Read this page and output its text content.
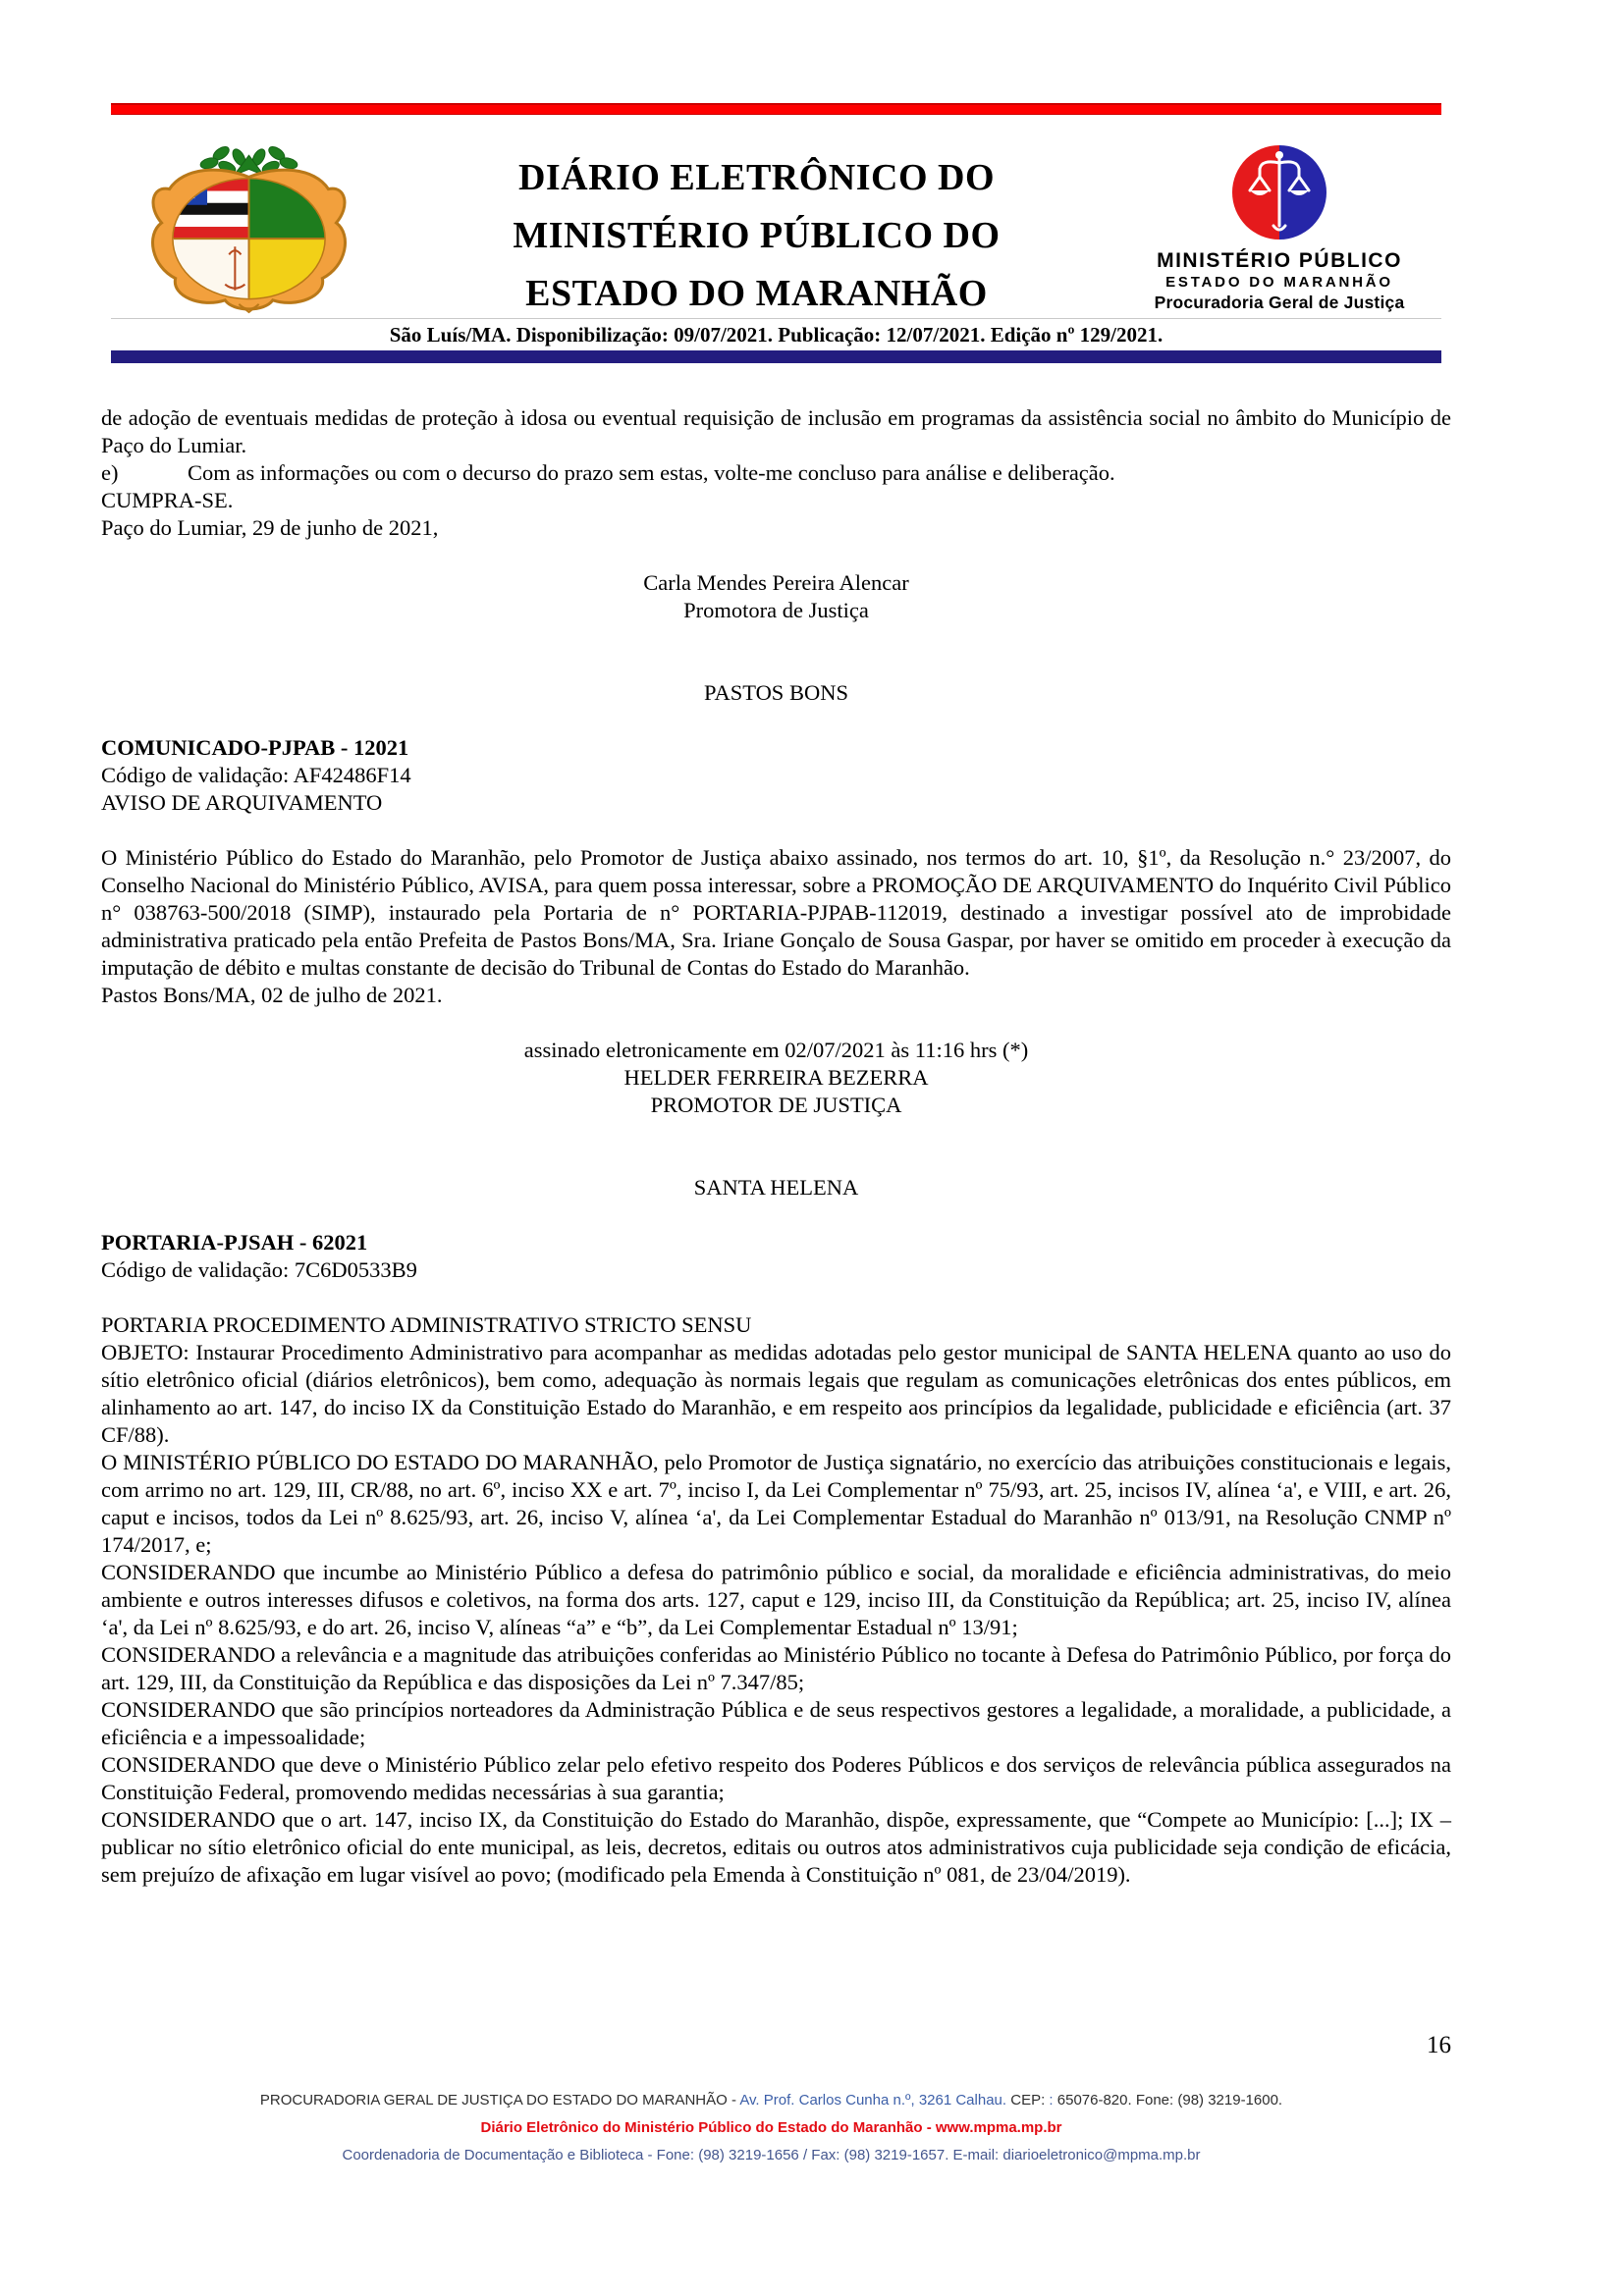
DIÁRIO ELETRÔNICO DO
MINISTÉRIO PÚBLICO DO
ESTADO DO MARANHÃO
MINISTÉRIO PÚBLICO
ESTADO DO MARANHÃO
Procuradoria Geral de Justiça
São Luís/MA. Disponibilização: 09/07/2021. Publicação: 12/07/2021. Edição nº 129/2021.

de adoção de eventuais medidas de proteção à idosa ou eventual requisição de inclusão em programas da assistência social no âmbito do Município de Paço do Lumiar.

e)	Com as informações ou com o decurso do prazo sem estas, volte-me concluso para análise e deliberação.
CUMPRA-SE.
Paço do Lumiar, 29 de junho de 2021,
Carla Mendes Pereira Alencar
Promotora de Justiça
PASTOS BONS
COMUNICADO-PJPAB - 12021
Código de validação: AF42486F14
AVISO DE ARQUIVAMENTO

O Ministério Público do Estado do Maranhão, pelo Promotor de Justiça abaixo assinado, nos termos do art. 10, §1º, da Resolução n.° 23/2007, do Conselho Nacional do Ministério Público, AVISA, para quem possa interessar, sobre a PROMOÇÃO DE ARQUIVAMENTO do Inquérito Civil Público n° 038763-500/2018 (SIMP), instaurado pela Portaria de n° PORTARIA-PJPAB-112019, destinado a investigar possível ato de improbidade administrativa praticado pela então Prefeita de Pastos Bons/MA, Sra. Iriane Gonçalo de Sousa Gaspar, por haver se omitido em proceder à execução da imputação de débito e multas constante de decisão do Tribunal de Contas do Estado do Maranhão.

Pastos Bons/MA, 02 de julho de 2021.
assinado eletronicamente em 02/07/2021 às 11:16 hrs (*)
HELDER FERREIRA BEZERRA
PROMOTOR DE JUSTIÇA
SANTA HELENA
PORTARIA-PJSAH - 62021
Código de validação: 7C6D0533B9
PORTARIA PROCEDIMENTO ADMINISTRATIVO STRICTO SENSU

OBJETO: Instaurar Procedimento Administrativo para acompanhar as medidas adotadas pelo gestor municipal de SANTA HELENA quanto ao uso do sítio eletrônico oficial (diários eletrônicos), bem como, adequação às normais legais que regulam as comunicações eletrônicas dos entes públicos, em alinhamento ao art. 147, do inciso IX da Constituição Estado do Maranhão, e em respeito aos princípios da legalidade, publicidade e eficiência (art. 37 CF/88).

O MINISTÉRIO PÚBLICO DO ESTADO DO MARANHÃO, pelo Promotor de Justiça signatário, no exercício das atribuições constitucionais e legais, com arrimo no art. 129, III, CR/88, no art. 6º, inciso XX e art. 7º, inciso I, da Lei Complementar nº 75/93, art. 25, incisos IV, alínea ‘a', e VIII, e art. 26, caput e incisos, todos da Lei nº 8.625/93, art. 26, inciso V, alínea ‘a', da Lei Complementar Estadual do Maranhão nº 013/91, na Resolução CNMP nº 174/2017, e;

CONSIDERANDO que incumbe ao Ministério Público a defesa do patrimônio público e social, da moralidade e eficiência administrativas, do meio ambiente e outros interesses difusos e coletivos, na forma dos arts. 127, caput e 129, inciso III, da Constituição da República; art. 25, inciso IV, alínea ‘a', da Lei nº 8.625/93, e do art. 26, inciso V, alíneas “a” e “b”, da Lei Complementar Estadual nº 13/91;

CONSIDERANDO a relevância e a magnitude das atribuições conferidas ao Ministério Público no tocante à Defesa do Patrimônio Público, por força do art. 129, III, da Constituição da República e das disposições da Lei nº 7.347/85;

CONSIDERANDO que são princípios norteadores da Administração Pública e de seus respectivos gestores a legalidade, a moralidade, a publicidade, a eficiência e a impessoalidade;

CONSIDERANDO que deve o Ministério Público zelar pelo efetivo respeito dos Poderes Públicos e dos serviços de relevância pública assegurados na Constituição Federal, promovendo medidas necessárias à sua garantia;

CONSIDERANDO que o art. 147, inciso IX, da Constituição do Estado do Maranhão, dispõe, expressamente, que “Compete ao Município: [...]; IX – publicar no sítio eletrônico oficial do ente municipal, as leis, decretos, editais ou outros atos administrativos cuja publicidade seja condição de eficácia, sem prejuízo de afixação em lugar visível ao povo; (modificado pela Emenda à Constituição nº 081, de 23/04/2019).

16
PROCURADORIA GERAL DE JUSTIÇA DO ESTADO DO MARANHÃO - Av. Prof. Carlos Cunha n.º, 3261 Calhau. CEP: : 65076-820. Fone: (98) 3219-1600.
Diário Eletrônico do Ministério Público do Estado do Maranhão - www.mpma.mp.br
Coordenadoria de Documentação e Biblioteca - Fone: (98) 3219-1656 / Fax: (98) 3219-1657. E-mail: diarioeletronico@mpma.mp.br
